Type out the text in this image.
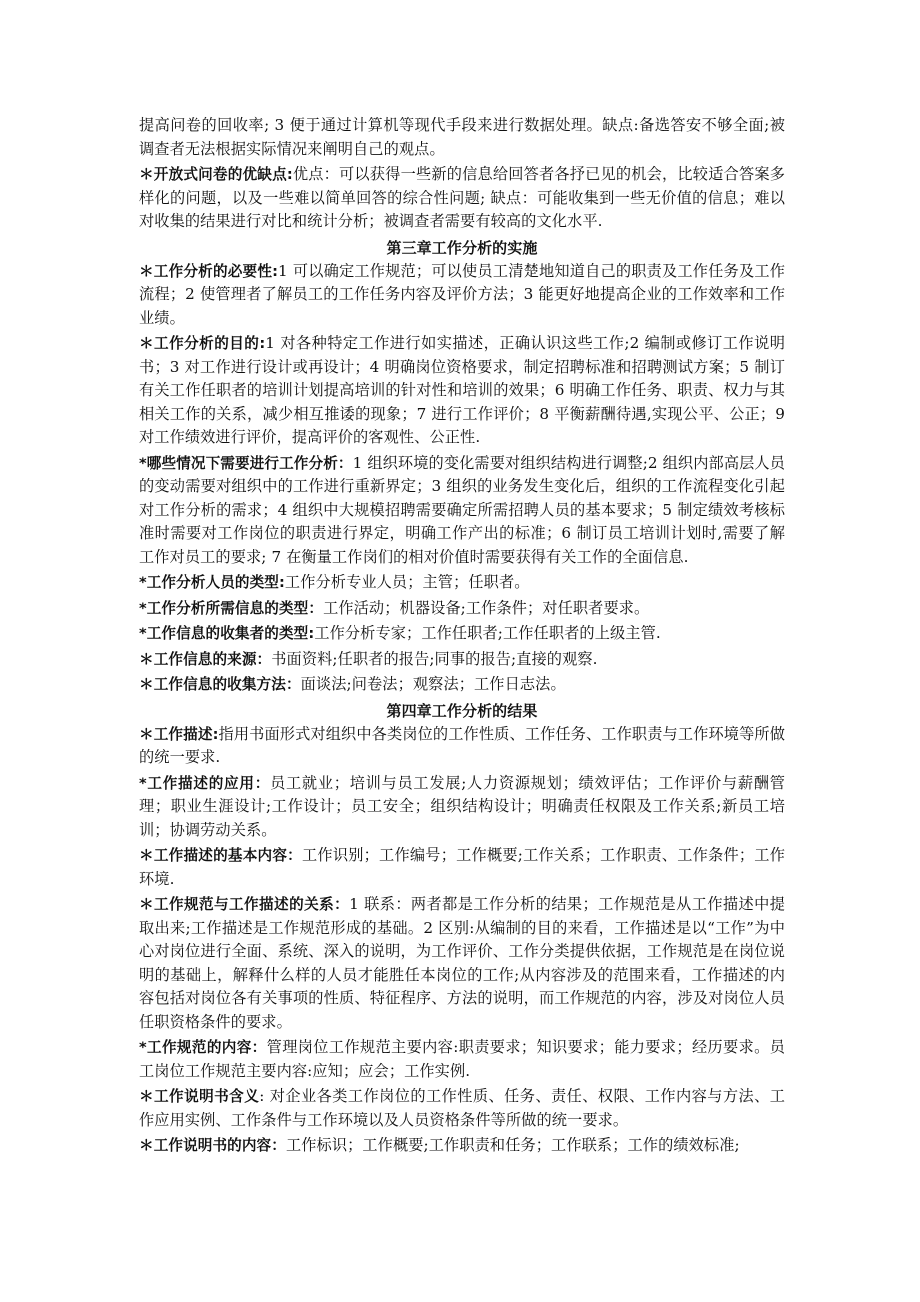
提高问卷的回收率; 3 便于通过计算机等现代手段来进行数据处理。缺点:备选答安不够全面;被调查者无法根据实际情况来阐明自己的观点。

＊开放式问卷的优缺点:优点：可以获得一些新的信息给回答者各抒已见的机会，比较适合答案多样化的问题，以及一些难以简单回答的综合性问题; 缺点：可能收集到一些无价值的信息；难以对收集的结果进行对比和统计分析；被调查者需要有较高的文化水平.

第三章工作分析的实施

＊工作分析的必要性:1 可以确定工作规范；可以使员工清楚地知道自己的职责及工作任务及工作流程；2 使管理者了解员工的工作任务内容及评价方法；3 能更好地提高企业的工作效率和工作业绩。

＊工作分析的目的:1 对各种特定工作进行如实描述，正确认识这些工作;2 编制或修订工作说明书；3 对工作进行设计或再设计；4 明确岗位资格要求，制定招聘标准和招聘测试方案；5 制订有关工作任职者的培训计划提高培训的针对性和培训的效果；6 明确工作任务、职责、权力与其相关工作的关系，减少相互推诿的现象；7 进行工作评价；8 平衡薪酬待遇,实现公平、公正；9 对工作绩效进行评价，提高评价的客观性、公正性.

*哪些情况下需要进行工作分析：1 组织环境的变化需要对组织结构进行调整;2 组织内部高层人员的变动需要对组织中的工作进行重新界定；3 组织的业务发生变化后，组织的工作流程变化引起对工作分析的需求；4 组织中大规模招聘需要确定所需招聘人员的基本要求；5 制定绩效考核标准时需要对工作岗位的职责进行界定，明确工作产出的标准；6 制订员工培训计划时,需要了解工作对员工的要求; 7 在衡量工作岗们的相对价值时需要获得有关工作的全面信息.

*工作分析人员的类型:工作分析专业人员；主管；任职者。

*工作分析所需信息的类型：工作活动；机器设备;工作条件；对任职者要求。

*工作信息的收集者的类型:工作分析专家；工作任职者;工作任职者的上级主管.

＊工作信息的来源：书面资料;任职者的报告;同事的报告;直接的观察.

＊工作信息的收集方法：面谈法;问卷法；观察法；工作日志法。

第四章工作分析的结果

＊工作描述:指用书面形式对组织中各类岗位的工作性质、工作任务、工作职责与工作环境等所做的统一要求.

*工作描述的应用：员工就业；培训与员工发展;人力资源规划；绩效评估；工作评价与薪酬管理；职业生涯设计;工作设计；员工安全；组织结构设计；明确责任权限及工作关系;新员工培训；协调劳动关系。

＊工作描述的基本内容：工作识别；工作编号；工作概要;工作关系；工作职责、工作条件；工作环境.

＊工作规范与工作描述的关系：1 联系：两者都是工作分析的结果；工作规范是从工作描述中提取出来;工作描述是工作规范形成的基础。2 区别:从编制的目的来看，工作描述是以“工作”为中心对岗位进行全面、系统、深入的说明，为工作评价、工作分类提供依据，工作规范是在岗位说明的基础上，解释什么样的人员才能胜任本岗位的工作;从内容涉及的范围来看，工作描述的内容包括对岗位各有关事项的性质、特征程序、方法的说明，而工作规范的内容，涉及对岗位人员任职资格条件的要求。

*工作规范的内容：管理岗位工作规范主要内容:职责要求；知识要求；能力要求；经历要求。员工岗位工作规范主要内容:应知；应会；工作实例.

＊工作说明书含义: 对企业各类工作岗位的工作性质、任务、责任、权限、工作内容与方法、工作应用实例、工作条件与工作环境以及人员资格条件等所做的统一要求。

＊工作说明书的内容：工作标识；工作概要;工作职责和任务；工作联系；工作的绩效标准;
